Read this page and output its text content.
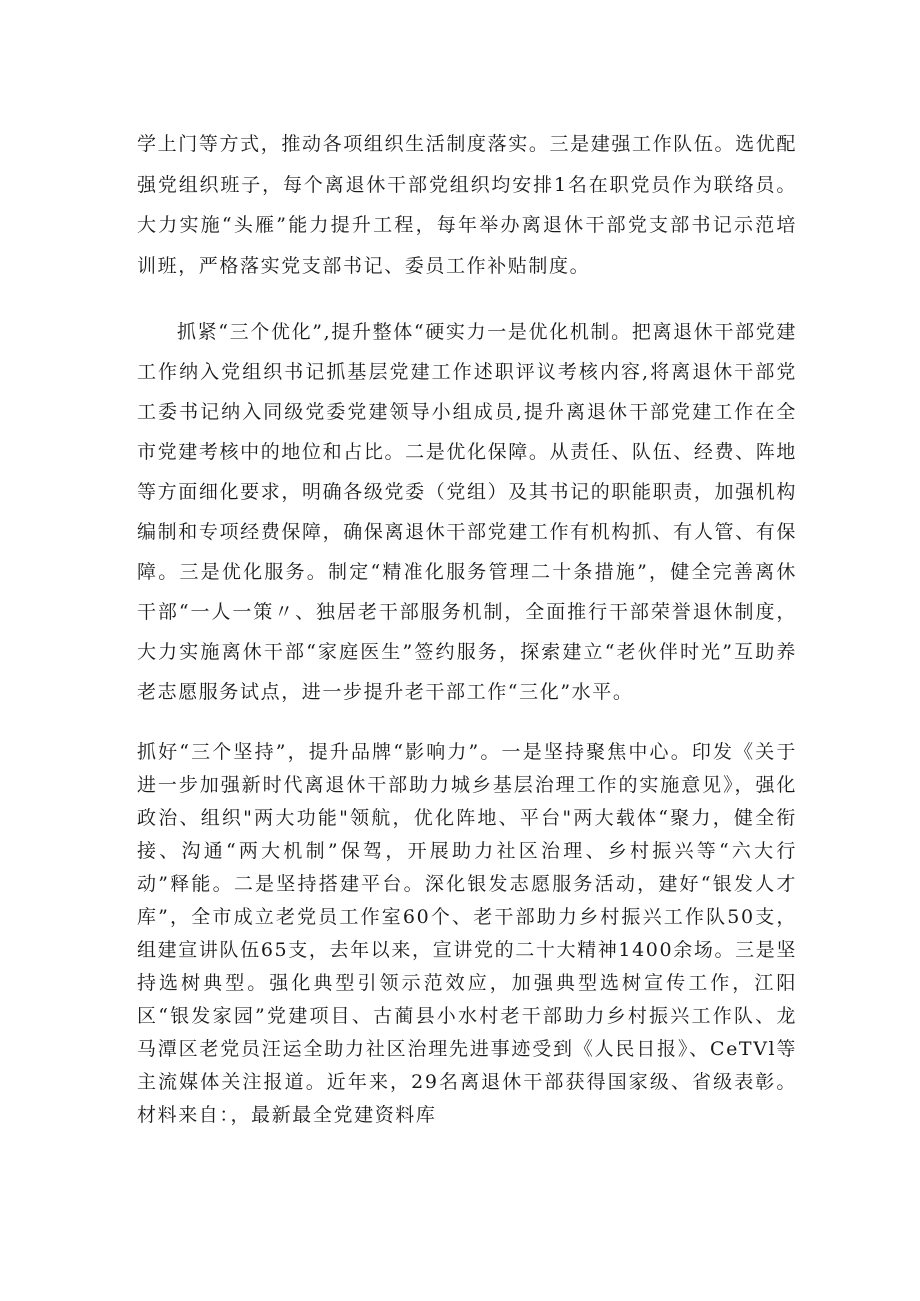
学上门等方式，推动各项组织生活制度落实。三是建强工作队伍。选优配强党组织班子，每个离退休干部党组织均安排1名在职党员作为联络员。大力实施“头雁”能力提升工程，每年举办离退休干部党支部书记示范培训班，严格落实党支部书记、委员工作补贴制度。

抓紧“三个优化”,提升整体“硬实力一是优化机制。把离退休干部党建工作纳入党组织书记抓基层党建工作述职评议考核内容,将离退休干部党工委书记纳入同级党委党建领导小组成员,提升离退休干部党建工作在全市党建考核中的地位和占比。二是优化保障。从责任、队伍、经费、阵地等方面细化要求，明确各级党委（党组）及其书记的职能职责，加强机构编制和专项经费保障，确保离退休干部党建工作有机构抓、有人管、有保障。三是优化服务。制定“精准化服务管理二十条措施”，健全完善离休干部“一人一策〃、独居老干部服务机制，全面推行干部荣誉退休制度，大力实施离休干部“家庭医生”签约服务，探索建立“老伙伴时光”互助养老志愿服务试点，进一步提升老干部工作“三化”水平。

抓好“三个坚持”，提升品牌“影响力”。一是坚持聚焦中心。印发《关于进一步加强新时代离退休干部助力城乡基层治理工作的实施意见》，强化政治、组织"两大功能"领航，优化阵地、平台"两大载体“聚力，健全衔接、沟通“两大机制”保驾，开展助力社区治理、乡村振兴等“六大行动”释能。二是坚持搭建平台。深化银发志愿服务活动，建好“银发人才库”，全市成立老党员工作室60个、老干部助力乡村振兴工作队50支，组建宣讲队伍65支，去年以来，宣讲党的二十大精神1400余场。三是坚持选树典型。强化典型引领示范效应，加强典型选树宣传工作，江阳区“银发家园”党建项目、古蔺县小水村老干部助力乡村振兴工作队、龙马潭区老党员汪运全助力社区治理先进事迹受到《人民日报》、CeTVl等主流媒体关注报道。近年来，29名离退休干部获得国家级、省级表彰。材料来自：，最新最全党建资料库
